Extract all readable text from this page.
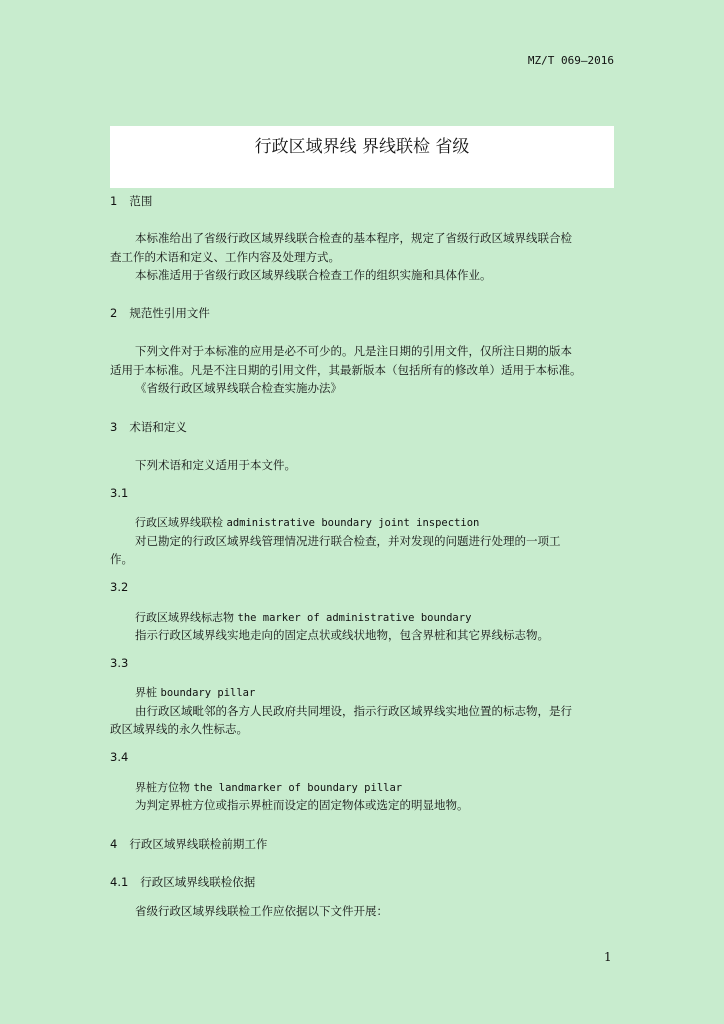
MZ/T 069—2016
行政区域界线 界线联检 省级
1 范围
本标准给出了省级行政区域界线联合检查的基本程序，规定了省级行政区域界线联合检
查工作的术语和定义、工作内容及处理方式。
本标准适用于省级行政区域界线联合检查工作的组织实施和具体作业。
2 规范性引用文件
下列文件对于本标准的应用是必不可少的。凡是注日期的引用文件，仅所注日期的版本
适用于本标准。凡是不注日期的引用文件，其最新版本（包括所有的修改单）适用于本标准。
《省级行政区域界线联合检查实施办法》
3 术语和定义
下列术语和定义适用于本文件。
3.1
行政区域界线联检 administrative boundary joint inspection
对已勘定的行政区域界线管理情况进行联合检查，并对发现的问题进行处理的一项工
作。
3.2
行政区域界线标志物 the marker of administrative boundary
指示行政区域界线实地走向的固定点状或线状地物，包含界桩和其它界线标志物。
3.3
界桩 boundary pillar
由行政区域毗邻的各方人民政府共同埋设，指示行政区域界线实地位置的标志物，是行
政区域界线的永久性标志。
3.4
界桩方位物 the landmarker of boundary pillar
为判定界桩方位或指示界桩而设定的固定物体或选定的明显地物。
4 行政区域界线联检前期工作
4.1 行政区域界线联检依据
省级行政区域界线联检工作应依据以下文件开展：
1
